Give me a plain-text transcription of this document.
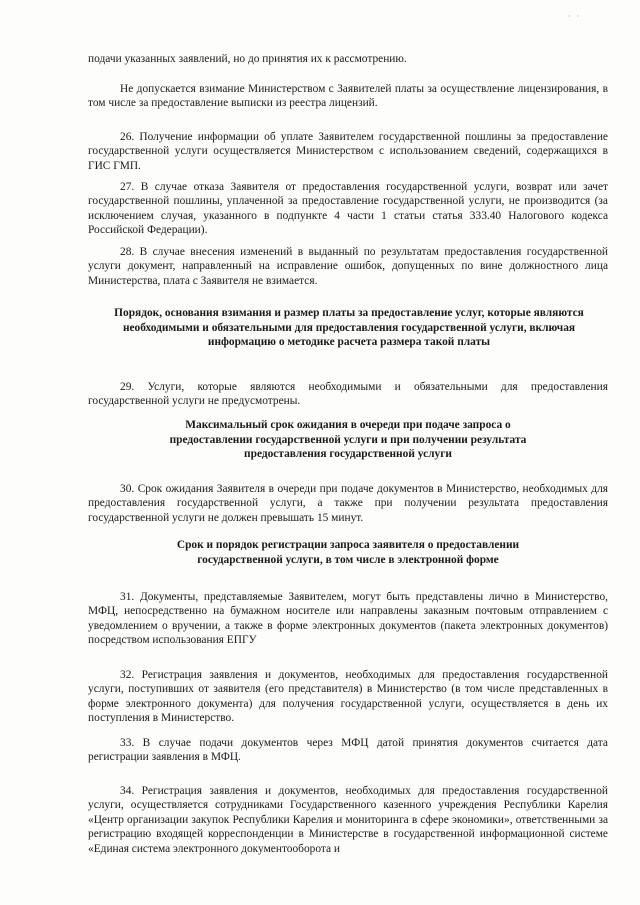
· ·

подачи указанных заявлений, но до принятия их к рассмотрению.

Не допускается взимание Министерством с Заявителей платы за осуществление лицензирования, в том числе за предоставление выписки из реестра лицензий.

26. Получение информации об уплате Заявителем государственной пошлины за предоставление государственной услуги осуществляется Министерством с использованием сведений, содержащихся в ГИС ГМП.

27. В случае отказа Заявителя от предоставления государственной услуги, возврат или зачет государственной пошлины, уплаченной за предоставление государственной услуги, не производится (за исключением случая, указанного в подпункте 4 части 1 статьи статья 333.40 Налогового кодекса Российской Федерации).

28. В случае внесения изменений в выданный по результатам предоставления государственной услуги документ, направленный на исправление ошибок, допущенных по вине должностного лица Министерства, плата с Заявителя не взимается.

Порядок, основания взимания и размер платы за предоставление услуг, которые являются необходимыми и обязательными для предоставления государственной услуги, включая информацию о методике расчета размера такой платы

29. Услуги, которые являются необходимыми и обязательными для предоставления государственной услуги не предусмотрены.

Максимальный срок ожидания в очереди при подаче запроса о предоставлении государственной услуги и при получении результата предоставления государственной услуги

30. Срок ожидания Заявителя в очереди при подаче документов в Министерство, необходимых для предоставления государственной услуги, а также при получении результата предоставления государственной услуги не должен превышать 15 минут.

Срок и порядок регистрации запроса заявителя о предоставлении государственной услуги, в том числе в электронной форме

31. Документы, представляемые Заявителем, могут быть представлены лично в Министерство, МФЦ, непосредственно на бумажном носителе или направлены заказным почтовым отправлением с уведомлением о вручении, а также в форме электронных документов (пакета электронных документов) посредством использования ЕПГУ

32. Регистрация заявления и документов, необходимых для предоставления государственной услуги, поступивших от заявителя (его представителя) в Министерство (в том числе представленных в форме электронного документа) для получения государственной услуги, осуществляется в день их поступления в Министерство.

33. В случае подачи документов через МФЦ датой принятия документов считается дата регистрации заявления в МФЦ.

34. Регистрация заявления и документов, необходимых для предоставления государственной услуги, осуществляется сотрудниками Государственного казенного учреждения Республики Карелия «Центр организации закупок Республики Карелия и мониторинга в сфере экономики», ответственными за регистрацию входящей корреспонденции в Министерстве в государственной информационной системе «Единая система электронного документооборота и
